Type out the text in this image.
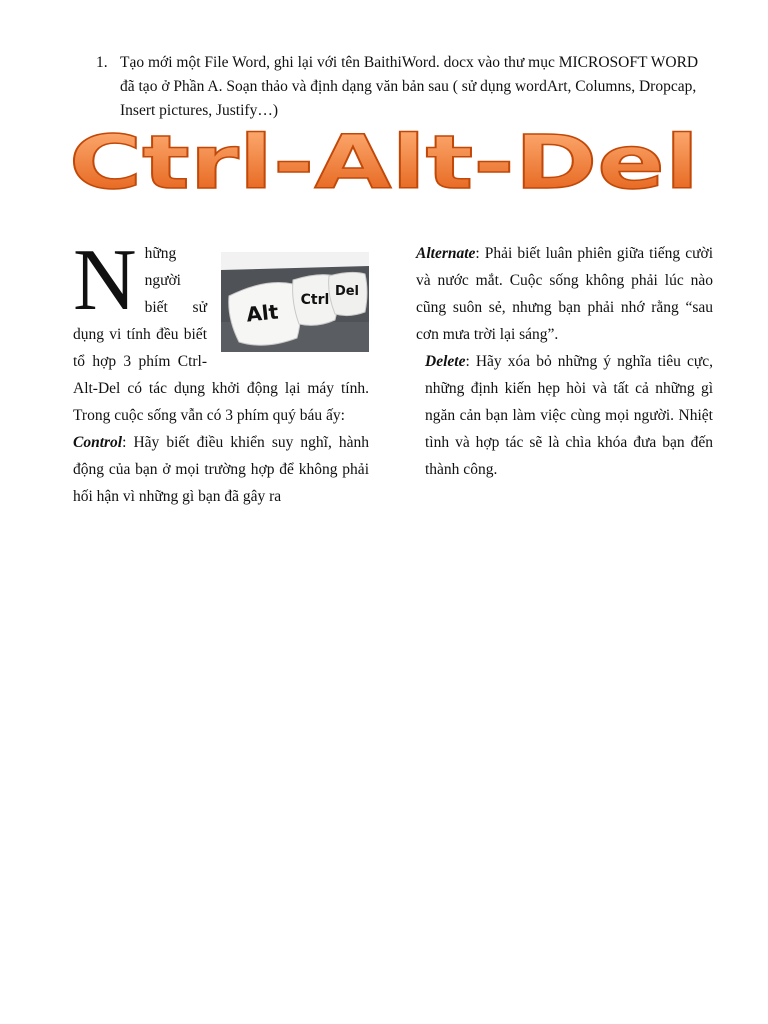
1. Tạo mới một File Word, ghi lại với tên BaithiWord. docx vào thư mục MICROSOFT WORD đã tạo ở Phần A. Soạn thảo và định dạng văn bản sau ( sử dụng wordArt, Columns, Dropcap, Insert pictures, Justify…)
Ctrl-Alt-Del
N	Alt Ctrl
Del

hững người biết sử dụng vi tính đều biết tổ hợp 3 phím Ctrl-Alt-Del có tác dụng khởi động lại máy tính. Trong cuộc sống vẫn có 3 phím quý báu ấy:

Control: Hãy biết điều khiển suy nghĩ, hành động của bạn ở mọi trường hợp để không phải hối hận vì những gì bạn đã gây ra

Alternate: Phải biết luân phiên giữa tiếng cười và nước mắt. Cuộc sống không phải lúc nào cũng suôn sẻ, nhưng bạn phải nhớ rằng “sau cơn mưa trời lại sáng”.

Delete: Hãy xóa bỏ những ý nghĩa tiêu cực, những định kiến hẹp hòi và tất cả những gì ngăn cản bạn làm việc cùng mọi người. Nhiệt tình và hợp tác sẽ là chìa khóa đưa bạn đến thành công.
